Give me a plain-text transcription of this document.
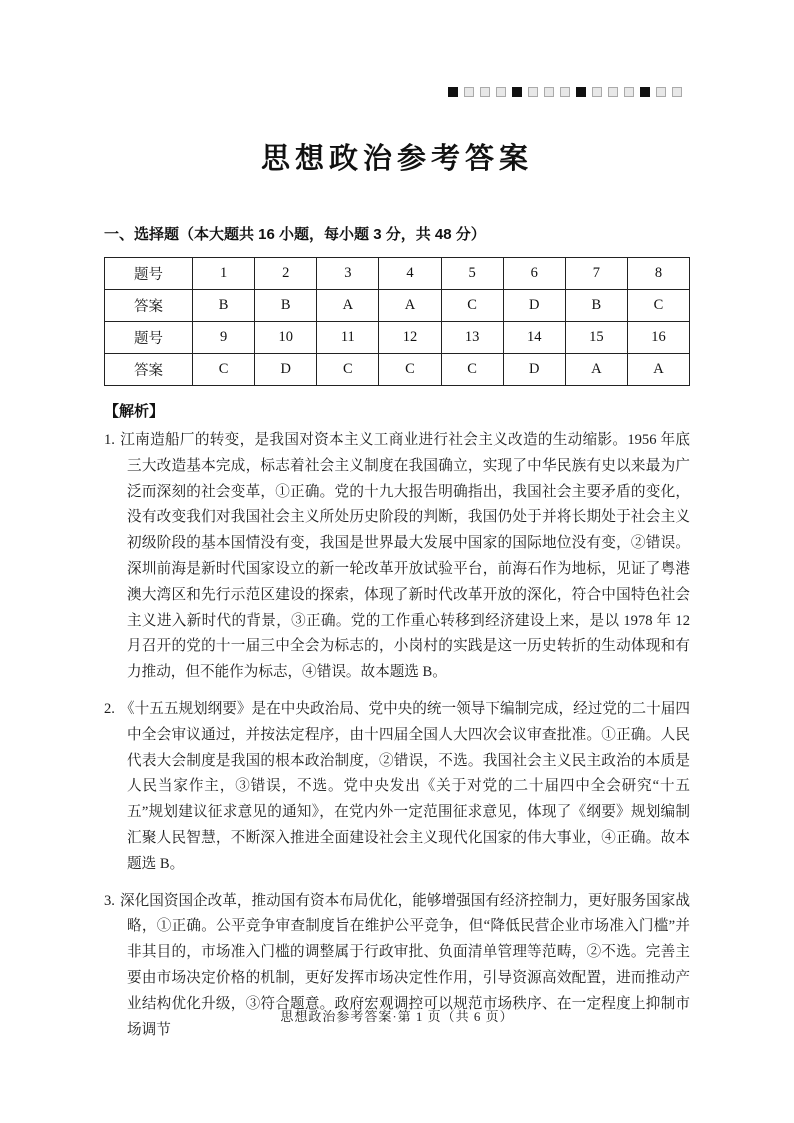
思想政治参考答案
一、选择题（本大题共 16 小题，每小题 3 分，共 48 分）
题号	1	2	3	4	5	6	7	8
答案	B	B	A	A	C	D	B	C
题号	9	10	11	12	13	14	15	16
答案	C	D	C	C	C	D	A	A
【解析】
1. 江南造船厂的转变，是我国对资本主义工商业进行社会主义改造的生动缩影。1956 年底三大改造基本完成，标志着社会主义制度在我国确立，实现了中华民族有史以来最为广泛而深刻的社会变革，①正确。党的十九大报告明确指出，我国社会主要矛盾的变化，没有改变我们对我国社会主义所处历史阶段的判断，我国仍处于并将长期处于社会主义初级阶段的基本国情没有变，我国是世界最大发展中国家的国际地位没有变，②错误。深圳前海是新时代国家设立的新一轮改革开放试验平台，前海石作为地标，见证了粤港澳大湾区和先行示范区建设的探索，体现了新时代改革开放的深化，符合中国特色社会主义进入新时代的背景，③正确。党的工作重心转移到经济建设上来，是以 1978 年 12 月召开的党的十一届三中全会为标志的，小岗村的实践是这一历史转折的生动体现和有力推动，但不能作为标志，④错误。故本题选 B。
2. 《十五五规划纲要》是在中央政治局、党中央的统一领导下编制完成，经过党的二十届四中全会审议通过，并按法定程序，由十四届全国人大四次会议审查批准。①正确。人民代表大会制度是我国的根本政治制度，②错误，不选。我国社会主义民主政治的本质是人民当家作主，③错误，不选。党中央发出《关于对党的二十届四中全会研究“十五五”规划建议征求意见的通知》，在党内外一定范围征求意见，体现了《纲要》规划编制汇聚人民智慧，不断深入推进全面建设社会主义现代化国家的伟大事业，④正确。故本题选 B。
3. 深化国资国企改革，推动国有资本布局优化，能够增强国有经济控制力，更好服务国家战略，①正确。公平竞争审查制度旨在维护公平竞争，但“降低民营企业市场准入门槛”并非其目的，市场准入门槛的调整属于行政审批、负面清单管理等范畴，②不选。完善主要由市场决定价格的机制，更好发挥市场决定性作用，引导资源高效配置，进而推动产业结构优化升级，③符合题意。政府宏观调控可以规范市场秩序、在一定程度上抑制市场调节
思想政治参考答案·第 1 页（共 6 页）
